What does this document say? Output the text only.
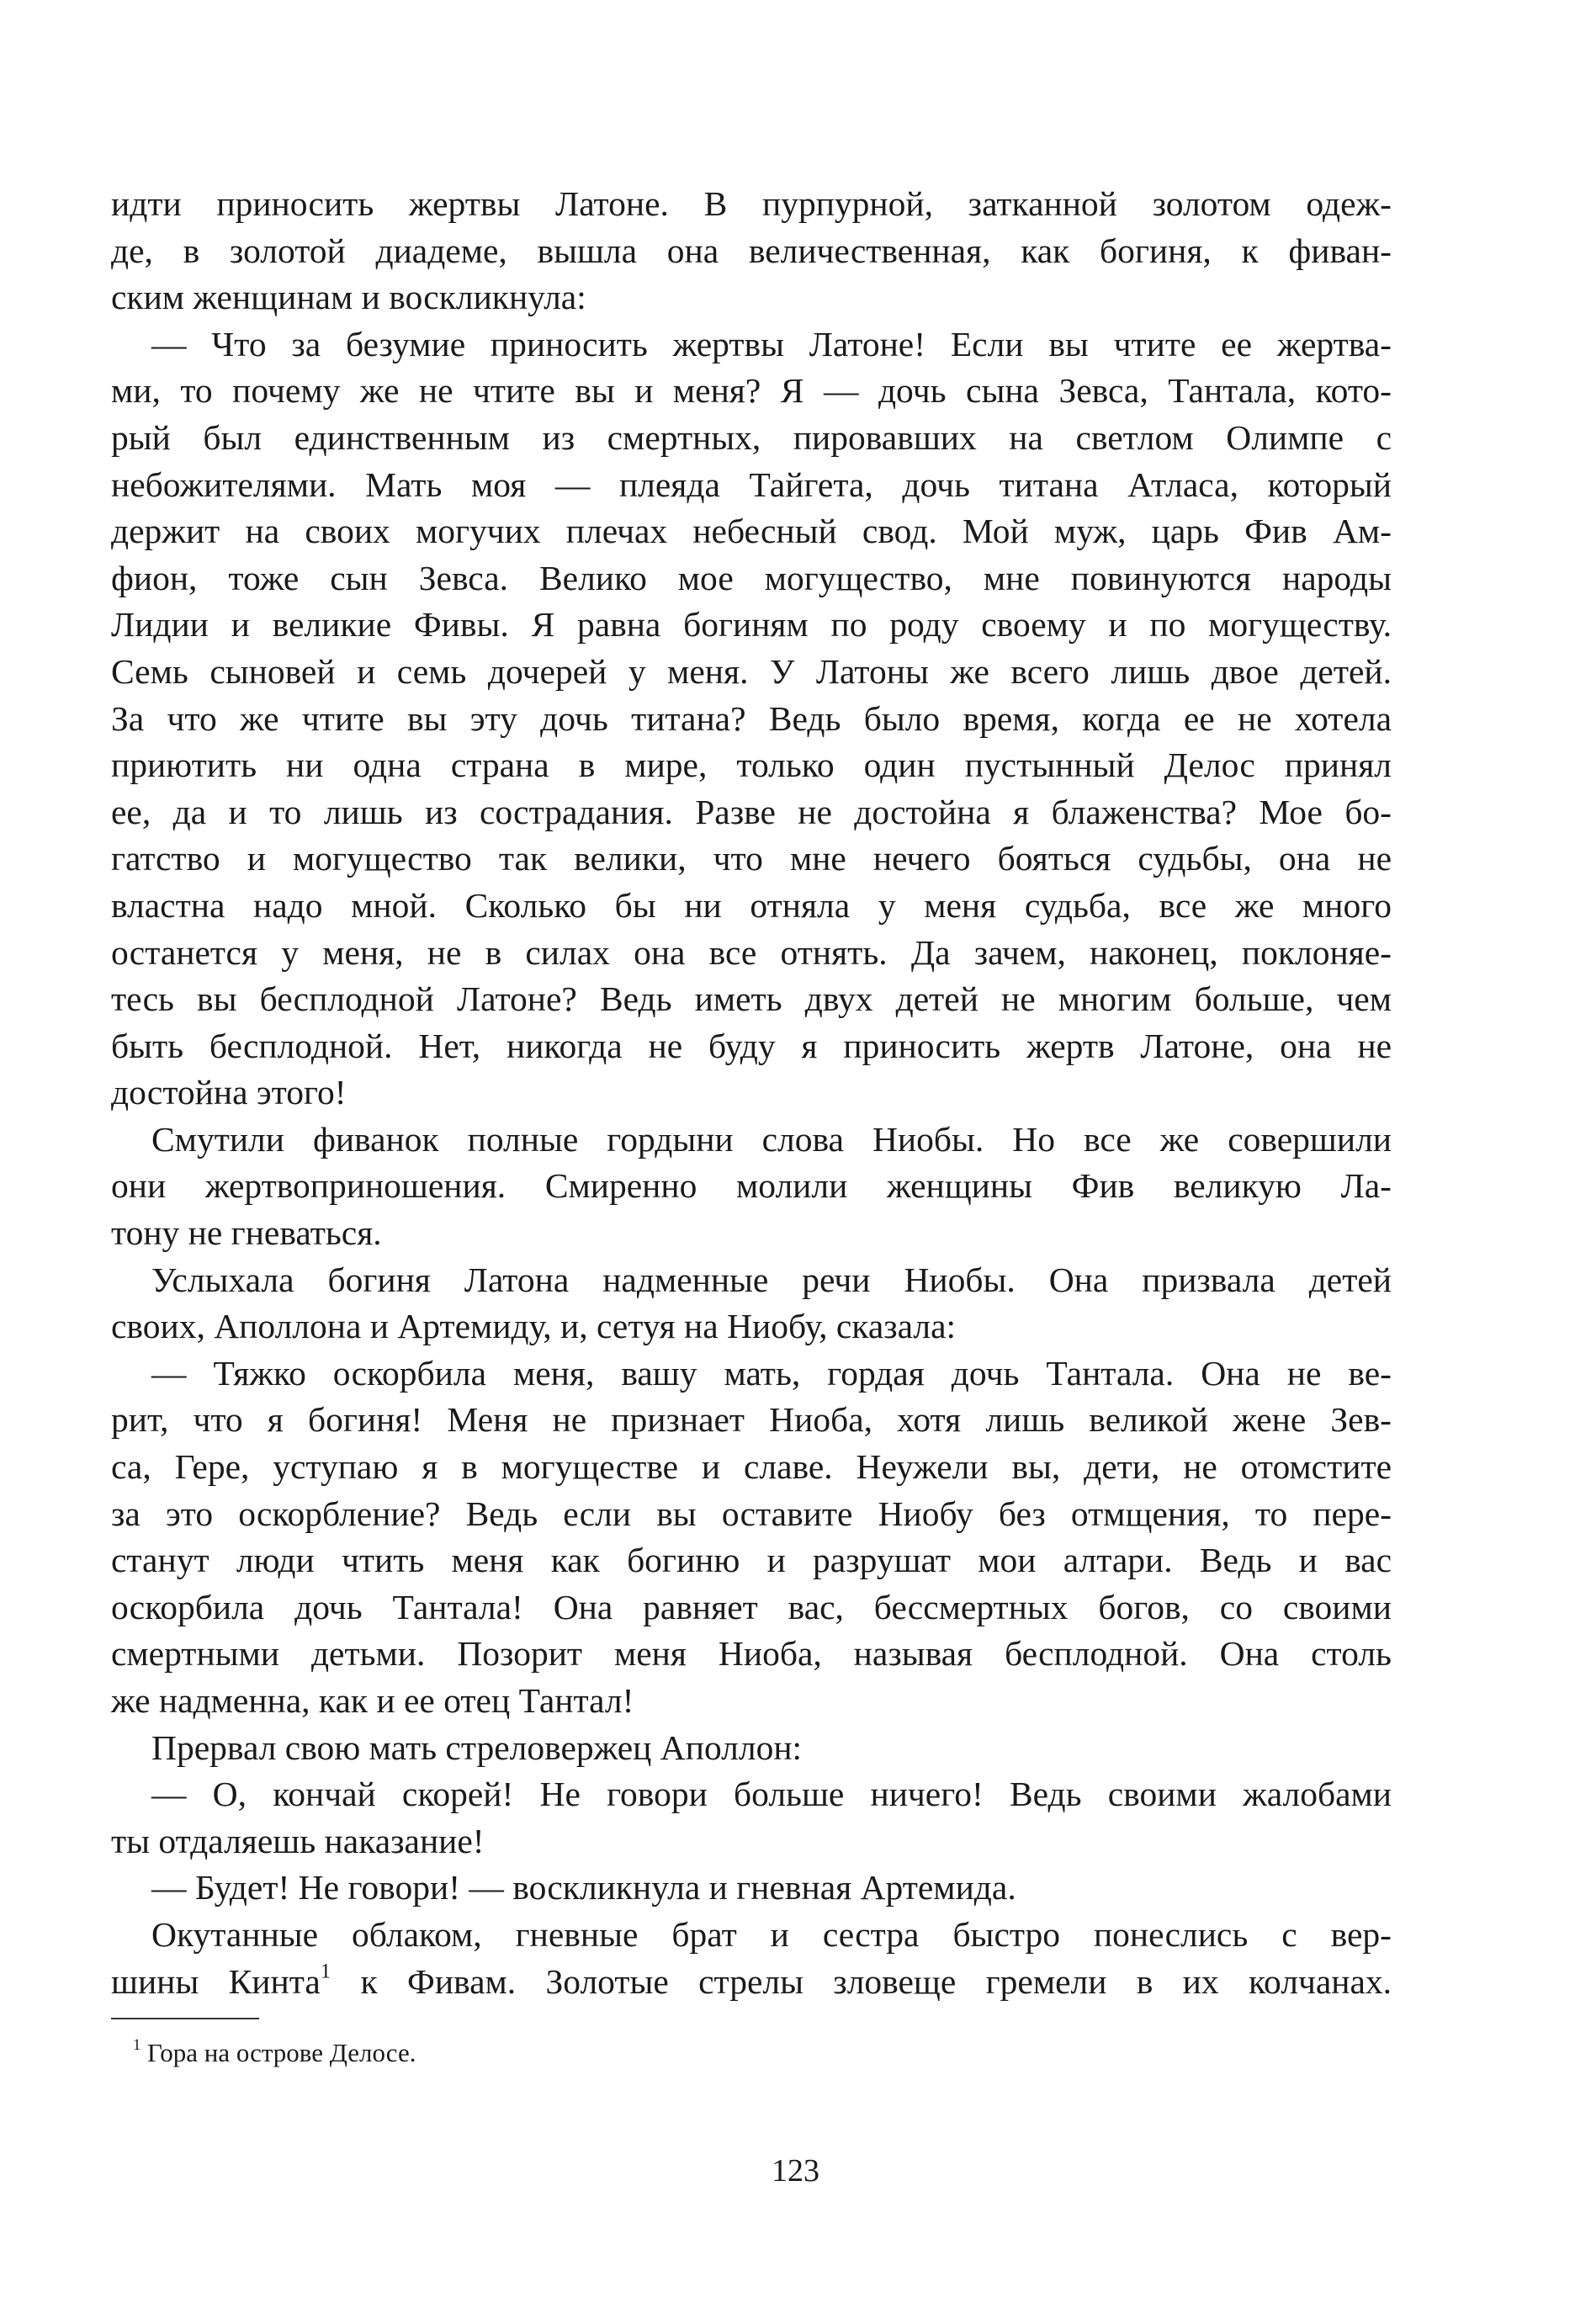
идти приносить жертвы Латоне. В пурпурной, затканной золотом одеж-
де, в золотой диадеме, вышла она величественная, как богиня, к фиван-
ским женщинам и воскликнула:
— Что за безумие приносить жертвы Латоне! Если вы чтите ее жертва-
ми, то почему же не чтите вы и меня? Я — дочь сына Зевса, Тантала, кото-
рый был единственным из смертных, пировавших на светлом Олимпе с
небожителями. Мать моя — плеяда Тайгета, дочь титана Атласа, который
держит на своих могучих плечах небесный свод. Мой муж, царь Фив Ам-
фион, тоже сын Зевса. Велико мое могущество, мне повинуются народы
Лидии и великие Фивы. Я равна богиням по роду своему и по могуществу.
Семь сыновей и семь дочерей у меня. У Латоны же всего лишь двое детей.
За что же чтите вы эту дочь титана? Ведь было время, когда ее не хотела
приютить ни одна страна в мире, только один пустынный Делос принял
ее, да и то лишь из сострадания. Разве не достойна я блаженства? Мое бо-
гатство и могущество так велики, что мне нечего бояться судьбы, она не
властна надо мной. Сколько бы ни отняла у меня судьба, все же много
останется у меня, не в силах она все отнять. Да зачем, наконец, поклоняе-
тесь вы бесплодной Латоне? Ведь иметь двух детей не многим больше, чем
быть бесплодной. Нет, никогда не буду я приносить жертв Латоне, она не
достойна этого!
Смутили фиванок полные гордыни слова Ниобы. Но все же совершили
они жертвоприношения. Смиренно молили женщины Фив великую Ла-
тону не гневаться.
Услыхала богиня Латона надменные речи Ниобы. Она призвала детей
своих, Аполлона и Артемиду, и, сетуя на Ниобу, сказала:
— Тяжко оскорбила меня, вашу мать, гордая дочь Тантала. Она не ве-
рит, что я богиня! Меня не признает Ниоба, хотя лишь великой жене Зев-
са, Гере, уступаю я в могуществе и славе. Неужели вы, дети, не отомстите
за это оскорбление? Ведь если вы оставите Ниобу без отмщения, то пере-
станут люди чтить меня как богиню и разрушат мои алтари. Ведь и вас
оскорбила дочь Тантала! Она равняет вас, бессмертных богов, со своими
смертными детьми. Позорит меня Ниоба, называя бесплодной. Она столь
же надменна, как и ее отец Тантал!
Прервал свою мать стреловержец Аполлон:
— О, кончай скорей! Не говори больше ничего! Ведь своими жалобами
ты отдаляешь наказание!
— Будет! Не говори! — воскликнула и гневная Артемида.
Окутанные облаком, гневные брат и сестра быстро понеслись с вер-
шины Кинта$^1$ к Фивам. Золотые стрелы зловеще гремели в их колчанах.
$^1$ Гора на острове Делосе.
123
